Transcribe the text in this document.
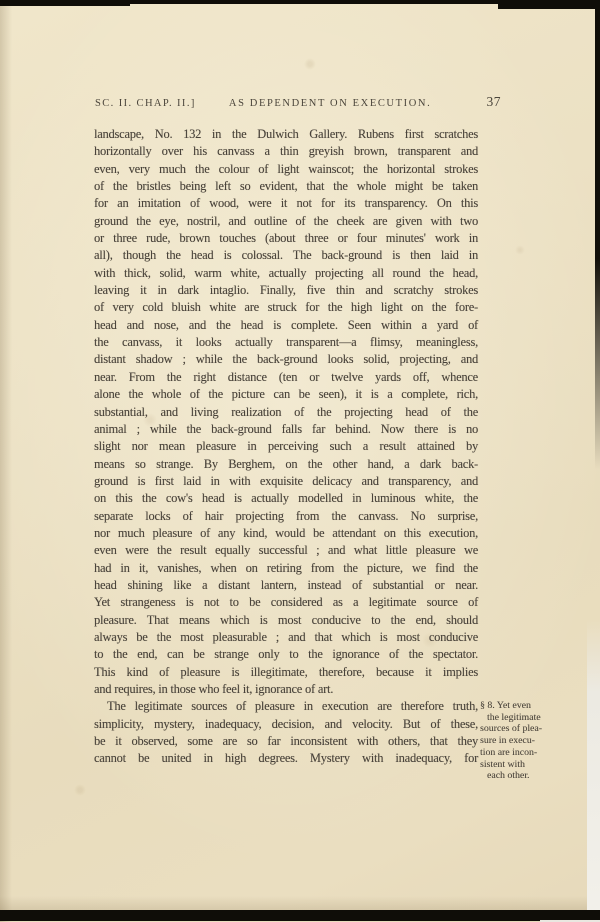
SC. II. CHAP. II.]	AS DEPENDENT ON EXECUTION.	37
landscape, No. 132 in the Dulwich Gallery. Rubens first scratches
horizontally over his canvass a thin greyish brown, transparent and
even, very much the colour of light wainscot; the horizontal strokes
of the bristles being left so evident, that the whole might be taken
for an imitation of wood, were it not for its transparency. On this
ground the eye, nostril, and outline of the cheek are given with two
or three rude, brown touches (about three or four minutes' work in
all), though the head is colossal. The back-ground is then laid in
with thick, solid, warm white, actually projecting all round the head,
leaving it in dark intaglio. Finally, five thin and scratchy strokes
of very cold bluish white are struck for the high light on the fore-
head and nose, and the head is complete. Seen within a yard of
the canvass, it looks actually transparent—a flimsy, meaningless,
distant shadow ; while the back-ground looks solid, projecting, and
near. From the right distance (ten or twelve yards off, whence
alone the whole of the picture can be seen), it is a complete, rich,
substantial, and living realization of the projecting head of the
animal ; while the back-ground falls far behind. Now there is no
slight nor mean pleasure in perceiving such a result attained by
means so strange. By Berghem, on the other hand, a dark back-
ground is first laid in with exquisite delicacy and transparency, and
on this the cow's head is actually modelled in luminous white, the
separate locks of hair projecting from the canvass. No surprise,
nor much pleasure of any kind, would be attendant on this execution,
even were the result equally successful ; and what little pleasure we
had in it, vanishes, when on retiring from the picture, we find the
head shining like a distant lantern, instead of substantial or near.
Yet strangeness is not to be considered as a legitimate source of
pleasure. That means which is most conducive to the end, should
always be the most pleasurable ; and that which is most conducive
to the end, can be strange only to the ignorance of the spectator.
This kind of pleasure is illegitimate, therefore, because it implies
and requires, in those who feel it, ignorance of art.
The legitimate sources of pleasure in execution are therefore truth,
simplicity, mystery, inadequacy, decision, and velocity. But of these,
be it observed, some are so far inconsistent with others, that they
cannot be united in high degrees. Mystery with inadequacy, for
§ 8. Yet even
the legitimate
sources of plea-
sure in execu-
tion are incon-
sistent with
each other.
